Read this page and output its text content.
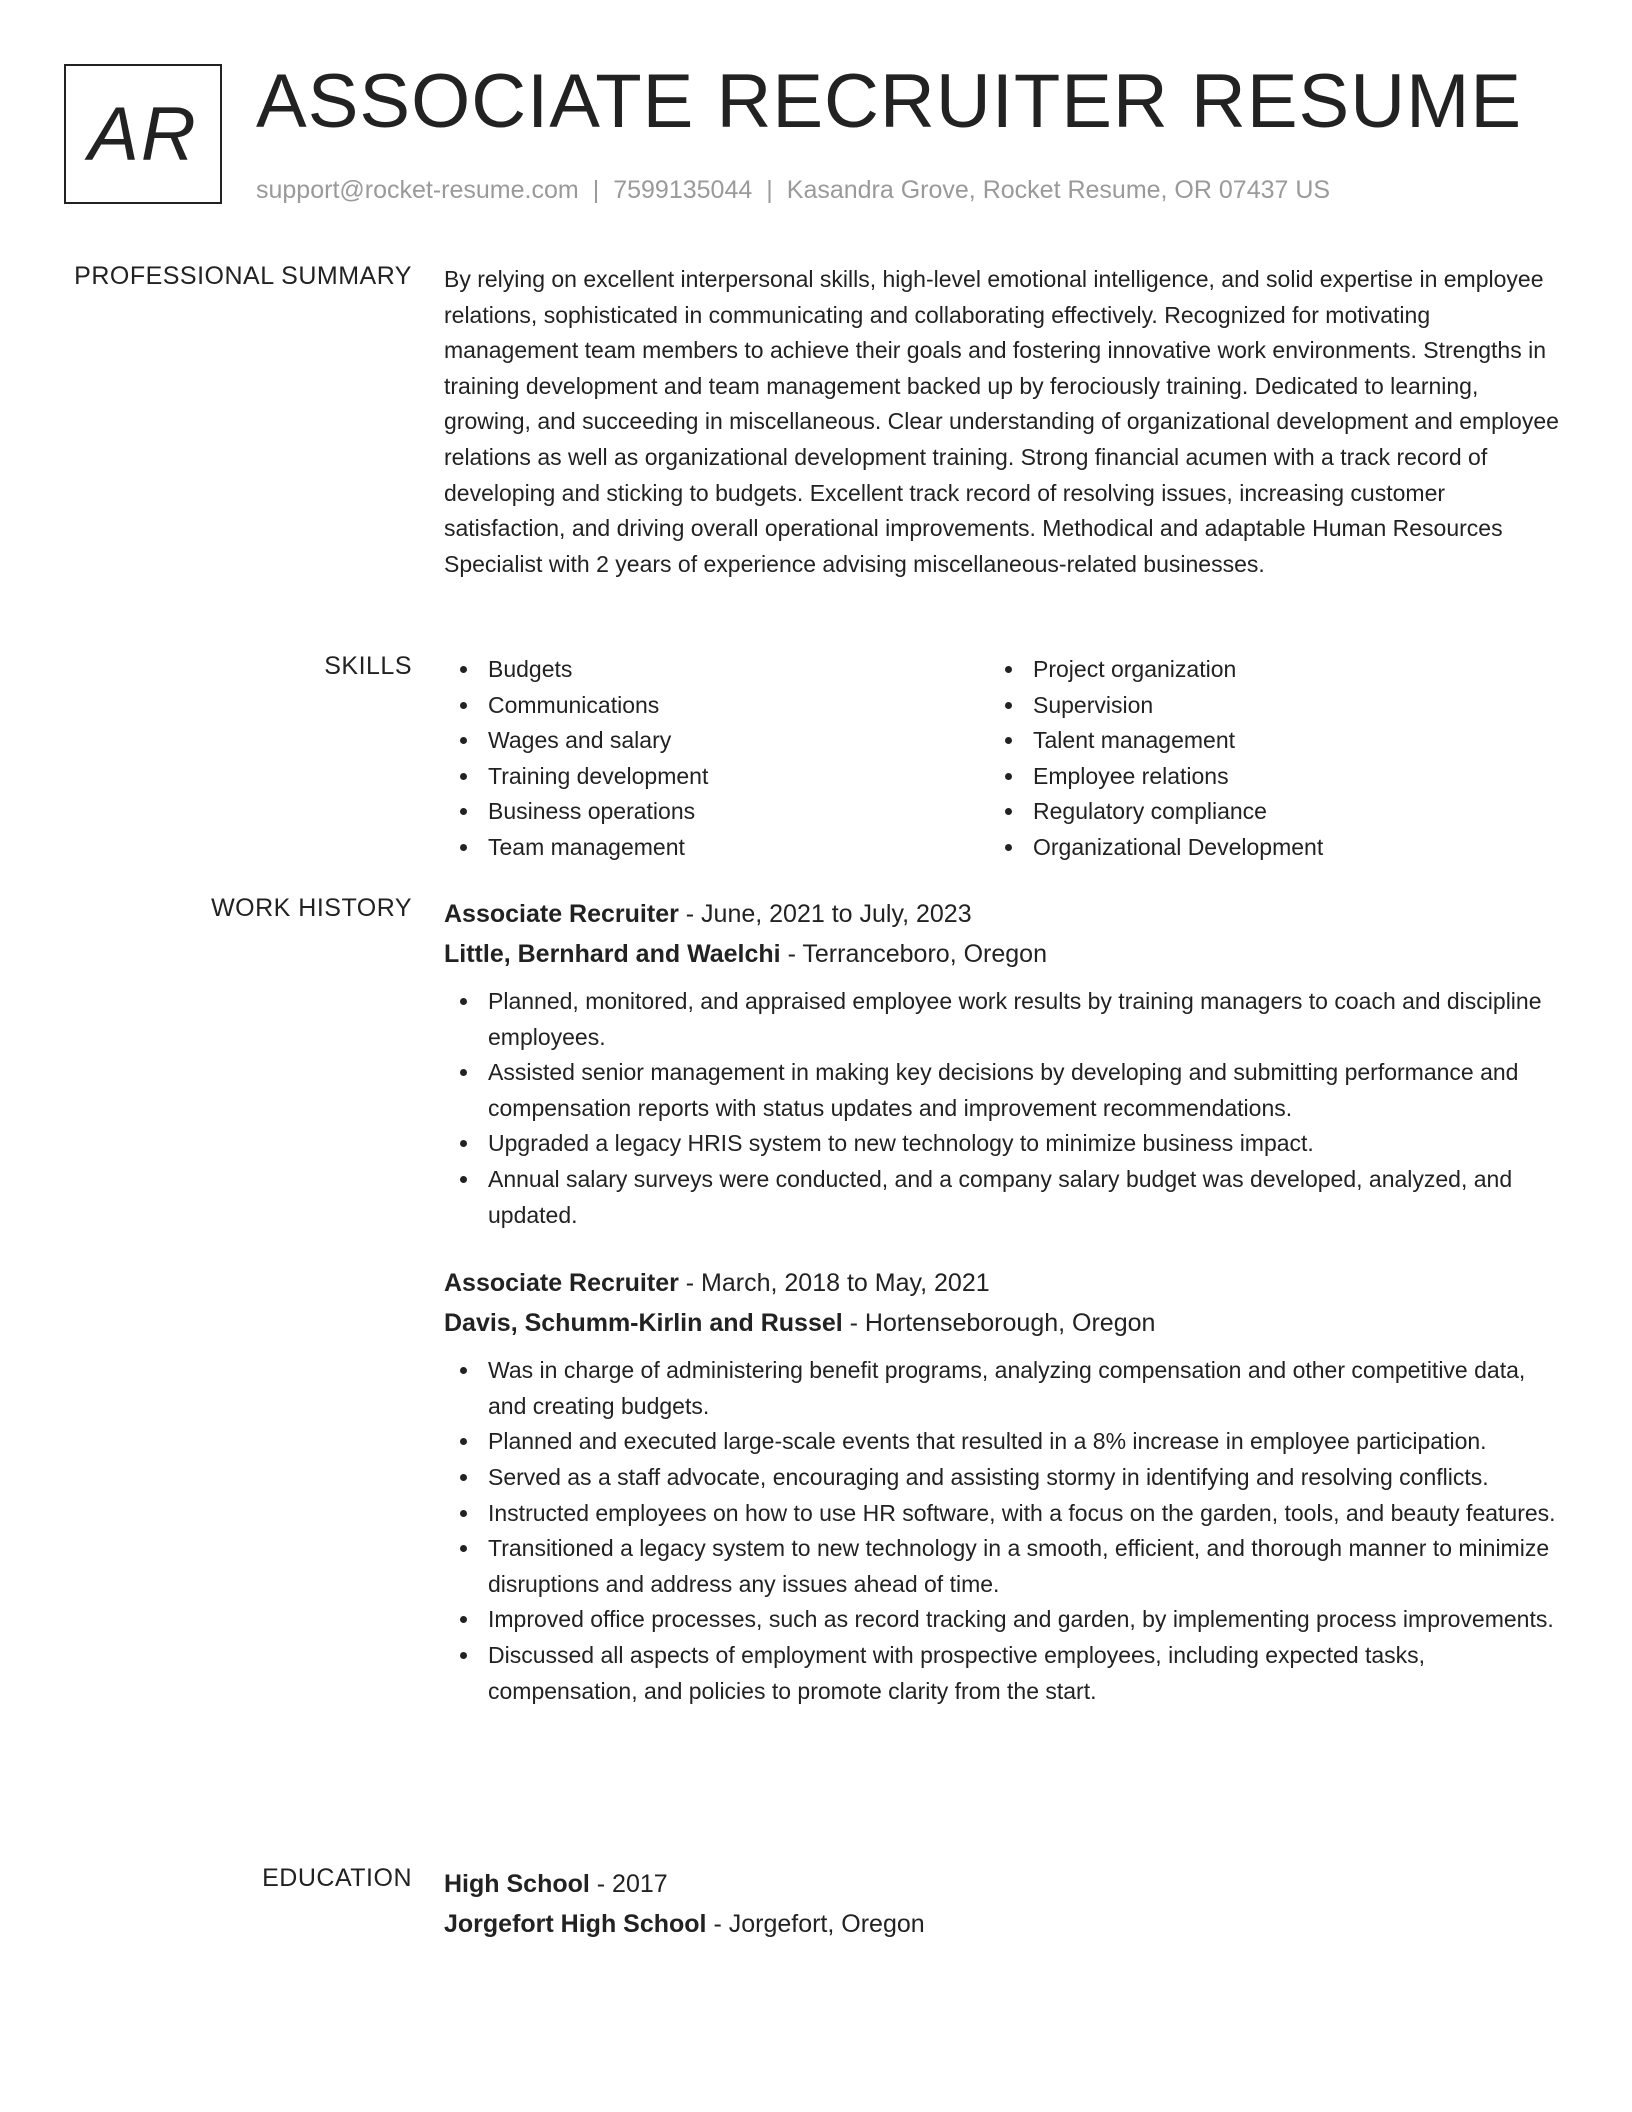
AR ASSOCIATE RECRUITER RESUME
support@rocket-resume.com | 7599135044 | Kasandra Grove, Rocket Resume, OR 07437 US
PROFESSIONAL SUMMARY By relying on excellent interpersonal skills, high-level emotional intelligence, and solid expertise in employee relations, sophisticated in communicating and collaborating effectively. Recognized for motivating management team members to achieve their goals and fostering innovative work environments. Strengths in training development and team management backed up by ferociously training. Dedicated to learning, growing, and succeeding in miscellaneous. Clear understanding of organizational development and employee relations as well as organizational development training. Strong financial acumen with a track record of developing and sticking to budgets. Excellent track record of resolving issues, increasing customer satisfaction, and driving overall operational improvements. Methodical and adaptable Human Resources Specialist with 2 years of experience advising miscellaneous-related businesses.

SKILLS	Budgets
Communications
Wages and salary
Training development
Business operations
Team management
Project organization
Supervision
Talent management
Employee relations
Regulatory compliance
Organizational Development
WORK HISTORY Associate Recruiter - June, 2021 to July, 2023
Little, Bernhard and Waelchi - Terranceboro, Oregon
Planned, monitored, and appraised employee work results by training managers to coach and discipline employees.
Assisted senior management in making key decisions by developing and submitting performance and compensation reports with status updates and improvement recommendations.
Upgraded a legacy HRIS system to new technology to minimize business impact.
Annual salary surveys were conducted, and a company salary budget was developed, analyzed, and updated.
Associate Recruiter - March, 2018 to May, 2021
Davis, Schumm-Kirlin and Russel - Hortenseborough, Oregon
Was in charge of administering benefit programs, analyzing compensation and other competitive data, and creating budgets.
Planned and executed large-scale events that resulted in a 8% increase in employee participation.
Served as a staff advocate, encouraging and assisting stormy in identifying and resolving conflicts.
Instructed employees on how to use HR software, with a focus on the garden, tools, and beauty features.
Transitioned a legacy system to new technology in a smooth, efficient, and thorough manner to minimize disruptions and address any issues ahead of time.
Improved office processes, such as record tracking and garden, by implementing process improvements.
Discussed all aspects of employment with prospective employees, including expected tasks, compensation, and policies to promote clarity from the start.
EDUCATION High School - 2017
Jorgefort High School - Jorgefort, Oregon
